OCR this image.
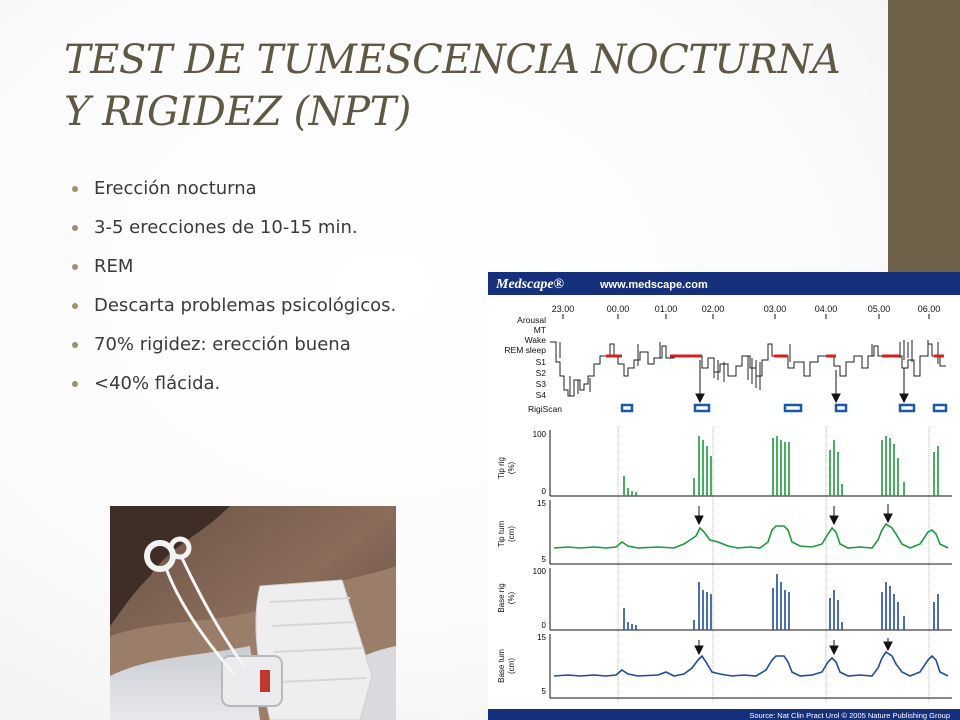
TEST DE TUMESCENCIA NOCTURNA Y RIGIDEZ (NPT)
Erección nocturna
3-5 erecciones de 10-15 min.
REM
Descarta problemas psicológicos.
70% rigidez: erección buena
<40% flácida.
Medscape®	www.medscape.com
23.00	00.00	01.00	02.00	03.00	04.00	05.00	06.00
Arousal
MT
Wake
REM sleep
S1
S2
S3
S4
RigiScan
Tip rig (%)
100
0
Tip tum (cm)
15
5
Base rig (%)
100
0
Base tum (cm)
15
5
Source: Nat Clin Pract Urol © 2005 Nature Publishing Group
